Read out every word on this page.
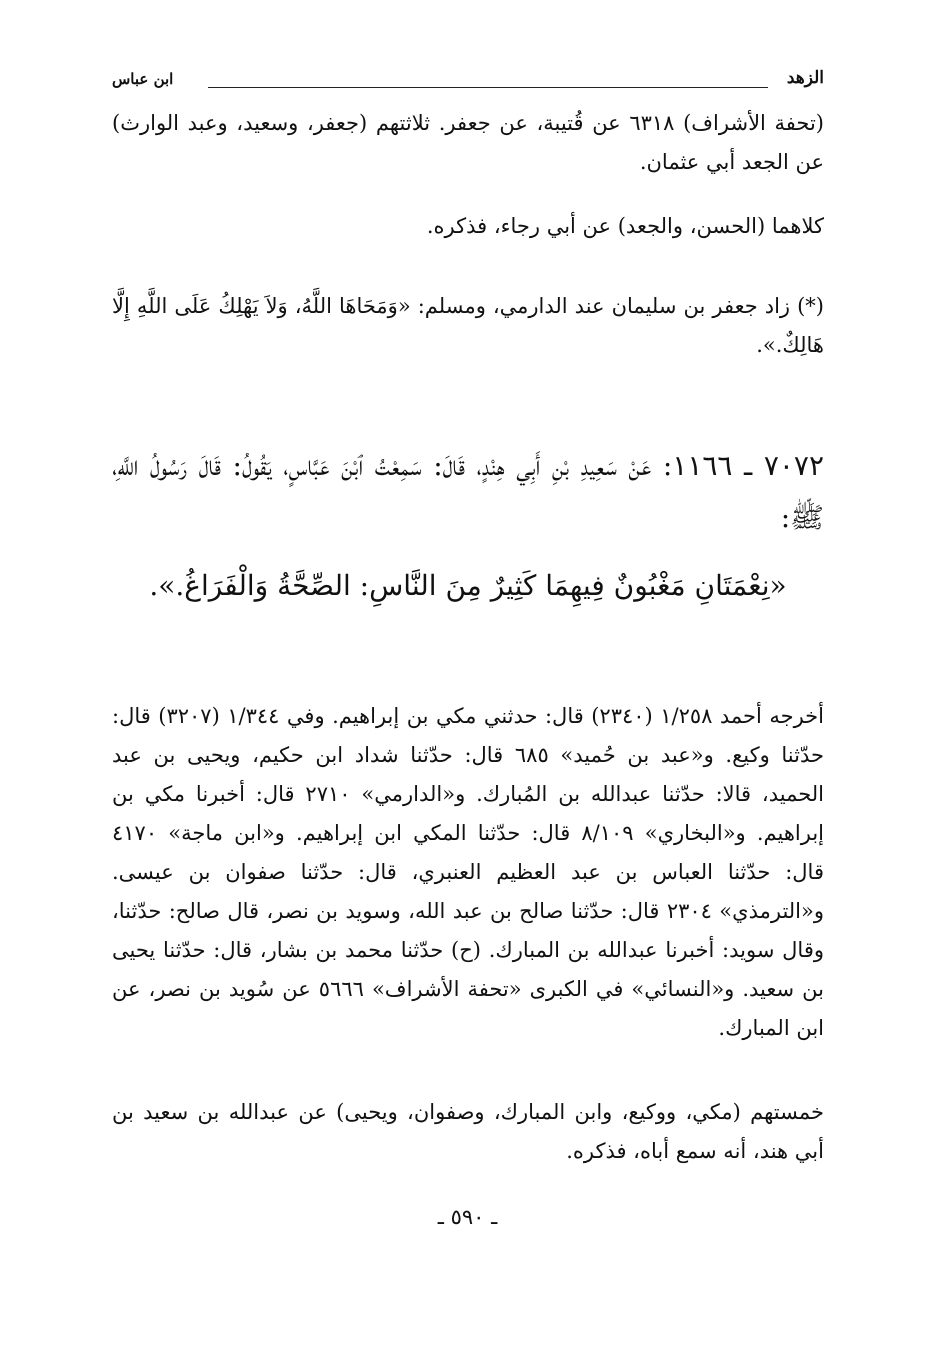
الزهد
ابن عباس

(تحفة الأشراف) ٦٣١٨ عن قُتيبة، عن جعفر. ثلاثتهم (جعفر، وسعيد، وعبد الوارث) عن الجعد أبي عثمان.

كلاهما (الحسن، والجعد) عن أبي رجاء، فذكره.

(*) زاد جعفر بن سليمان عند الدارمي، ومسلم: «وَمَحَاهَا اللَّهُ، وَلاَ يَهْلِكُ عَلَى اللَّهِ إِلَّا هَالِكٌ.».

٧٠٧٢ ـ ١١٦٦: عَنْ سَعِيدِ بْنِ أَبِي هِنْدٍ، قَالَ: سَمِعْتُ ٱبْنَ عَبَّاسٍ، يَقُولُ: قَالَ رَسُولُ اللَّهِ، ﷺ:

«نِعْمَتَانِ مَغْبُونٌ فِيهِمَا كَثِيرٌ مِنَ النَّاسِ: الصِّحَّةُ وَالْفَرَاغُ.».

أخرجه أحمد ١/٢٥٨ (٢٣٤٠) قال: حدثني مكي بن إبراهيم. وفي ١/٣٤٤ (٣٢٠٧) قال: حدّثنا وكيع. و«عبد بن حُميد» ٦٨٥ قال: حدّثنا شداد ابن حكيم، ويحيى بن عبد الحميد، قالا: حدّثنا عبدالله بن المُبارك. و«الدارمي» ٢٧١٠ قال: أخبرنا مكي بن إبراهيم. و«البخاري» ٨/١٠٩ قال: حدّثنا المكي ابن إبراهيم. و«ابن ماجة» ٤١٧٠ قال: حدّثنا العباس بن عبد العظيم العنبري، قال: حدّثنا صفوان بن عيسى. و«الترمذي» ٢٣٠٤ قال: حدّثنا صالح بن عبد الله، وسويد بن نصر، قال صالح: حدّثنا، وقال سويد: أخبرنا عبدالله بن المبارك. (ح) حدّثنا محمد بن بشار، قال: حدّثنا يحيى بن سعيد. و«النسائي» في الكبرى «تحفة الأشراف» ٥٦٦٦ عن سُويد بن نصر، عن ابن المبارك.

خمستهم (مكي، ووكيع، وابن المبارك، وصفوان، ويحيى) عن عبدالله بن سعيد بن أبي هند، أنه سمع أباه، فذكره.

ـ ٥٩٠ ـ
